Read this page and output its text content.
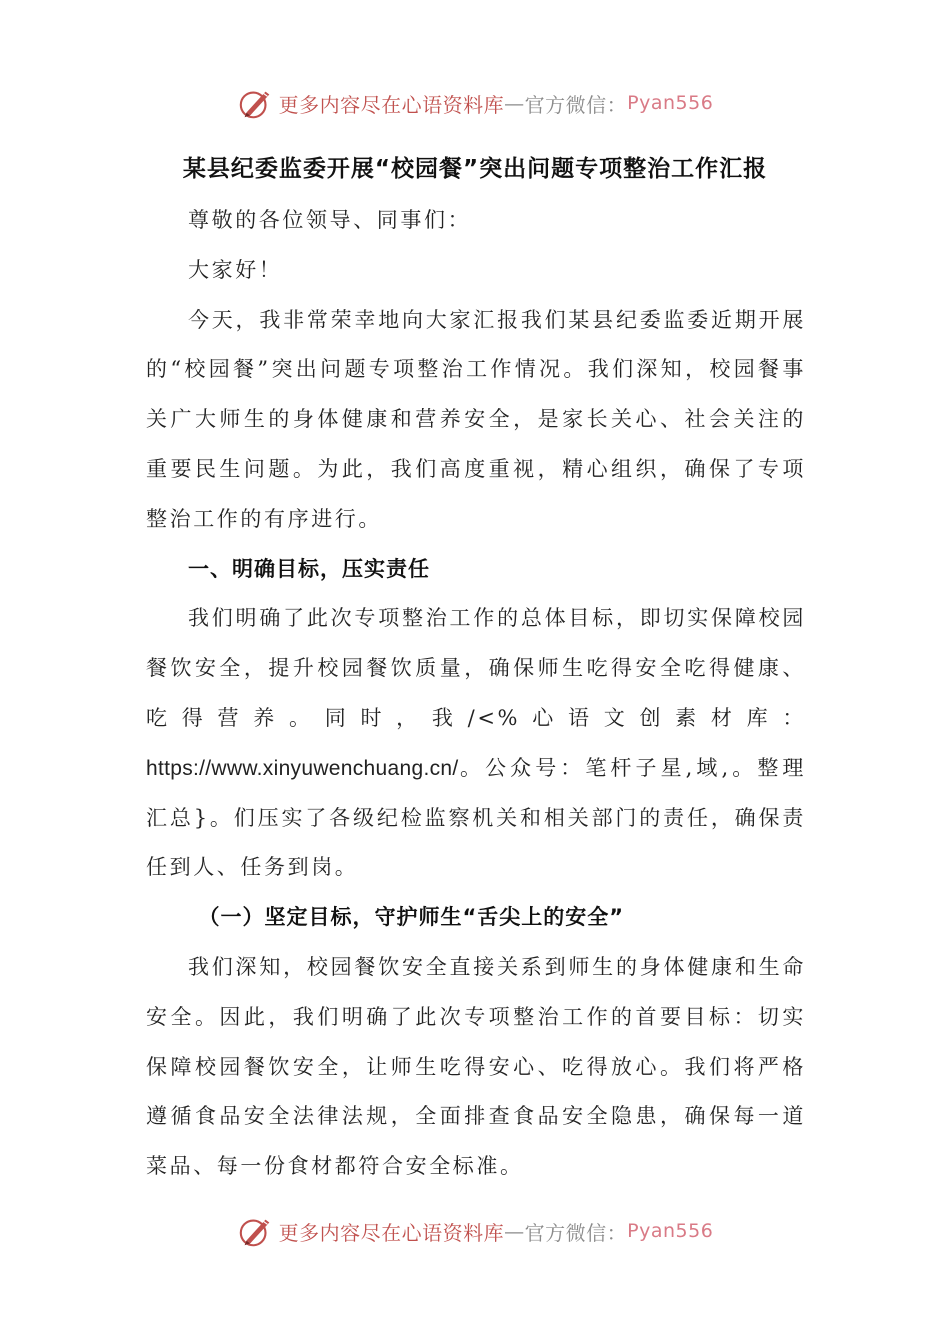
更多内容尽在心语资料库 — 官方微信： Pyan556
某县纪委监委开展“校园餐”突出问题专项整治工作汇报

尊敬的各位领导、同事们：

大家好！

今天，我非常荣幸地向大家汇报我们某县纪委监委近期开展的“校园餐”突出问题专项整治工作情况。我们深知，校园餐事关广大师生的身体健康和营养安全，是家长关心、社会关注的重要民生问题。为此，我们高度重视，精心组织，确保了专项整治工作的有序进行。

一、明确目标，压实责任

我们明确了此次专项整治工作的总体目标，即切实保障校园餐饮安全，提升校园餐饮质量，确保师生吃得安全吃得健康、吃得营养。同时，我/<%心语文创素材库：https://www.xinyuwenchuang.cn/。公众号：笔杆子星,域,。整理汇总}。们压实了各级纪检监察机关和相关部门的责任，确保责任到人、任务到岗。

（一）坚定目标，守护师生“舌尖上的安全”

我们深知，校园餐饮安全直接关系到师生的身体健康和生命安全。因此，我们明确了此次专项整治工作的首要目标：切实保障校园餐饮安全，让师生吃得安心、吃得放心。我们将严格遵循食品安全法律法规，全面排查食品安全隐患，确保每一道菜品、每一份食材都符合安全标准。

更多内容尽在心语资料库 — 官方微信： Pyan556
